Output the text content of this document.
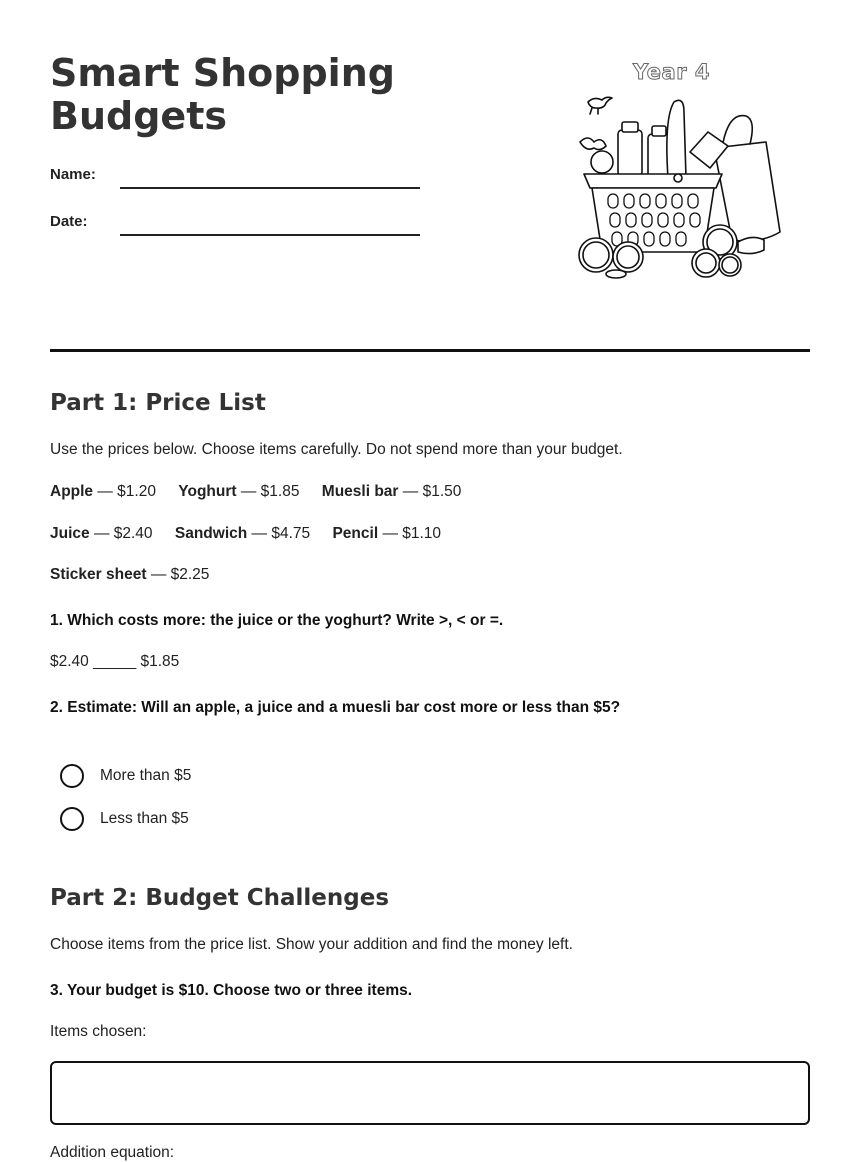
Smart Shopping
Budgets
Name:
Date:
Year 4
Part 1: Price List
Use the prices below. Choose items carefully. Do not spend more than your budget.
Apple — $1.20 Yoghurt — $1.85 Muesli bar — $1.50
Juice — $2.40 Sandwich — $4.75 Pencil — $1.10
Sticker sheet — $2.25
1. Which costs more: the juice or the yoghurt? Write >, < or =.
$2.40 _____ $1.85
2. Estimate: Will an apple, a juice and a muesli bar cost more or less than $5?
More than $5
Less than $5
Part 2: Budget Challenges
Choose items from the price list. Show your addition and find the money left.
3. Your budget is $10. Choose two or three items.
Items chosen:
Addition equation:
